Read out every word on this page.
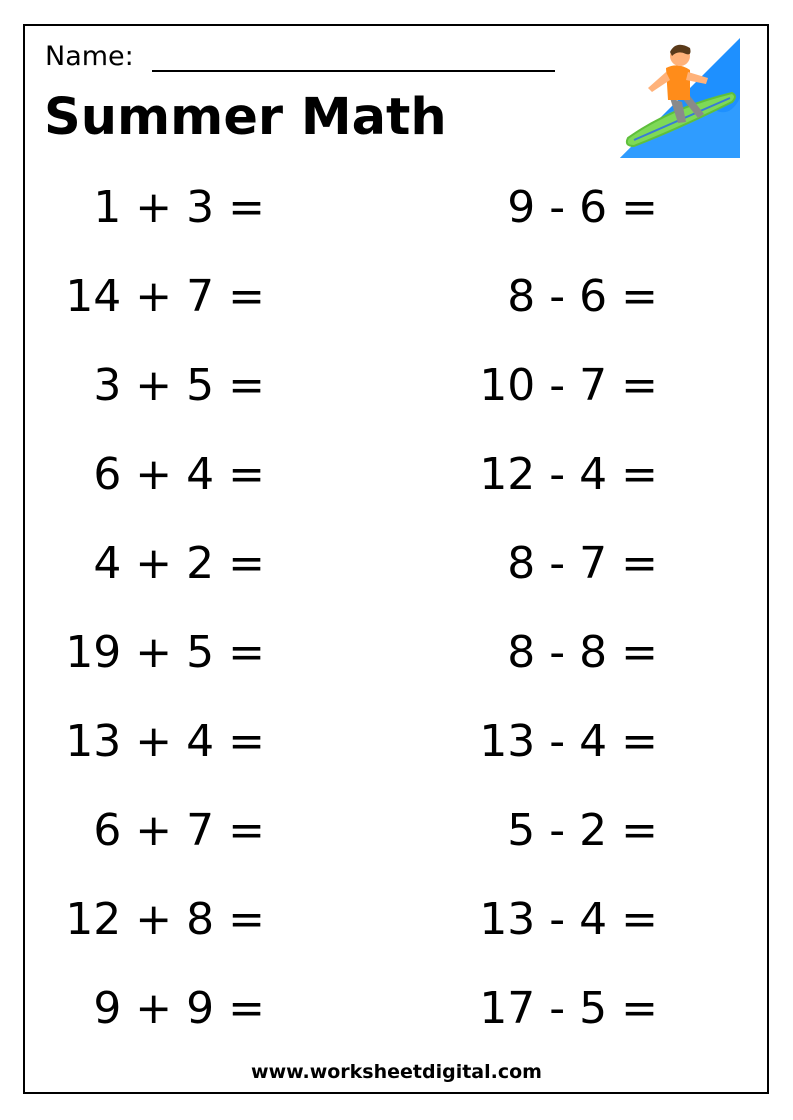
Name:
Summer Math
1 + 3 =
14 + 7 =
3 + 5 =
6 + 4 =
4 + 2 =
19 + 5 =
13 + 4 =
6 + 7 =
12 + 8 =
9 + 9 =
9 - 6 =
8 - 6 =
10 - 7 =
12 - 4 =
8 - 7 =
8 - 8 =
13 - 4 =
5 - 2 =
13 - 4 =
17 - 5 =
www.worksheetdigital.com
